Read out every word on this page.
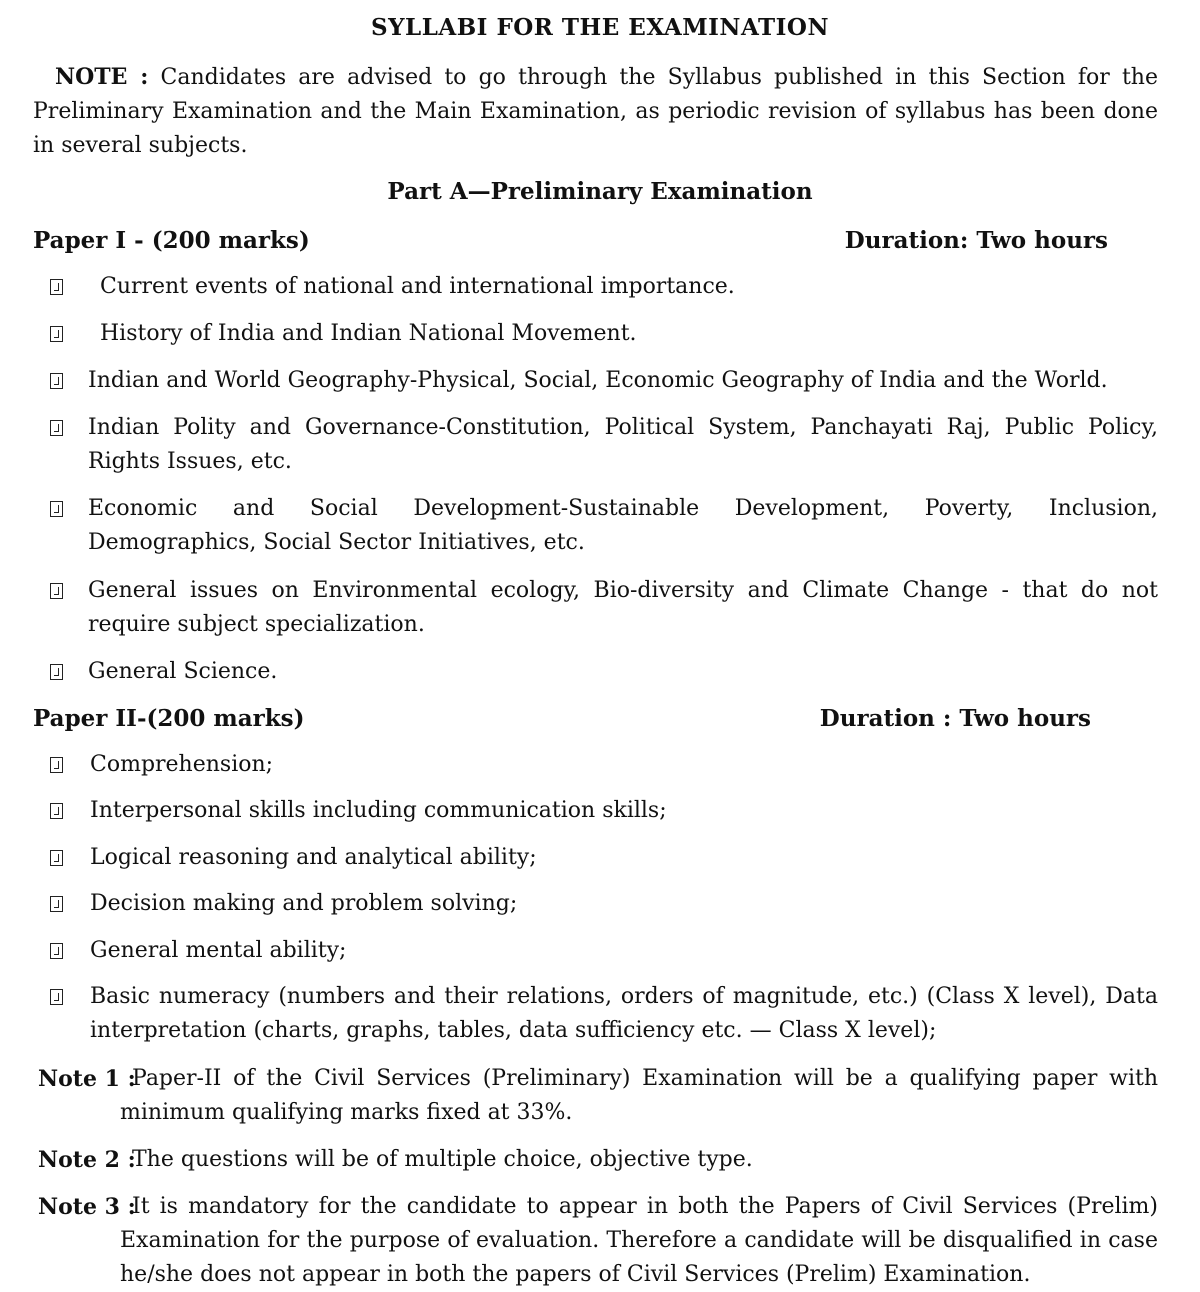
SYLLABI FOR THE EXAMINATION
NOTE : Candidates are advised to go through the Syllabus published in this Section for the Preliminary Examination and the Main Examination, as periodic revision of syllabus has been done in several subjects.
Part A—Preliminary Examination
Paper I - (200 marks)	Duration: Two hours
Current events of national and international importance.
History of India and Indian National Movement.
Indian and World Geography-Physical, Social, Economic Geography of India and the World.
Indian Polity and Governance-Constitution, Political System, Panchayati Raj, Public Policy, Rights Issues, etc.
Economic and Social Development-Sustainable Development, Poverty, Inclusion, Demographics, Social Sector Initiatives, etc.
General issues on Environmental ecology, Bio-diversity and Climate Change - that do not require subject specialization.
General Science.
Paper II-(200 marks)	Duration : Two hours
Comprehension;
Interpersonal skills including communication skills;
Logical reasoning and analytical ability;
Decision making and problem solving;
General mental ability;
Basic numeracy (numbers and their relations, orders of magnitude, etc.) (Class X level), Data interpretation (charts, graphs, tables, data sufficiency etc. — Class X level);
Note 1 :
Paper-II of the Civil Services (Preliminary) Examination will be a qualifying paper with minimum qualifying marks fixed at 33%.
Note 2 :
The questions will be of multiple choice, objective type.
Note 3 :
It is mandatory for the candidate to appear in both the Papers of Civil Services (Prelim) Examination for the purpose of evaluation. Therefore a candidate will be disqualified in case he/she does not appear in both the papers of Civil Services (Prelim) Examination.
